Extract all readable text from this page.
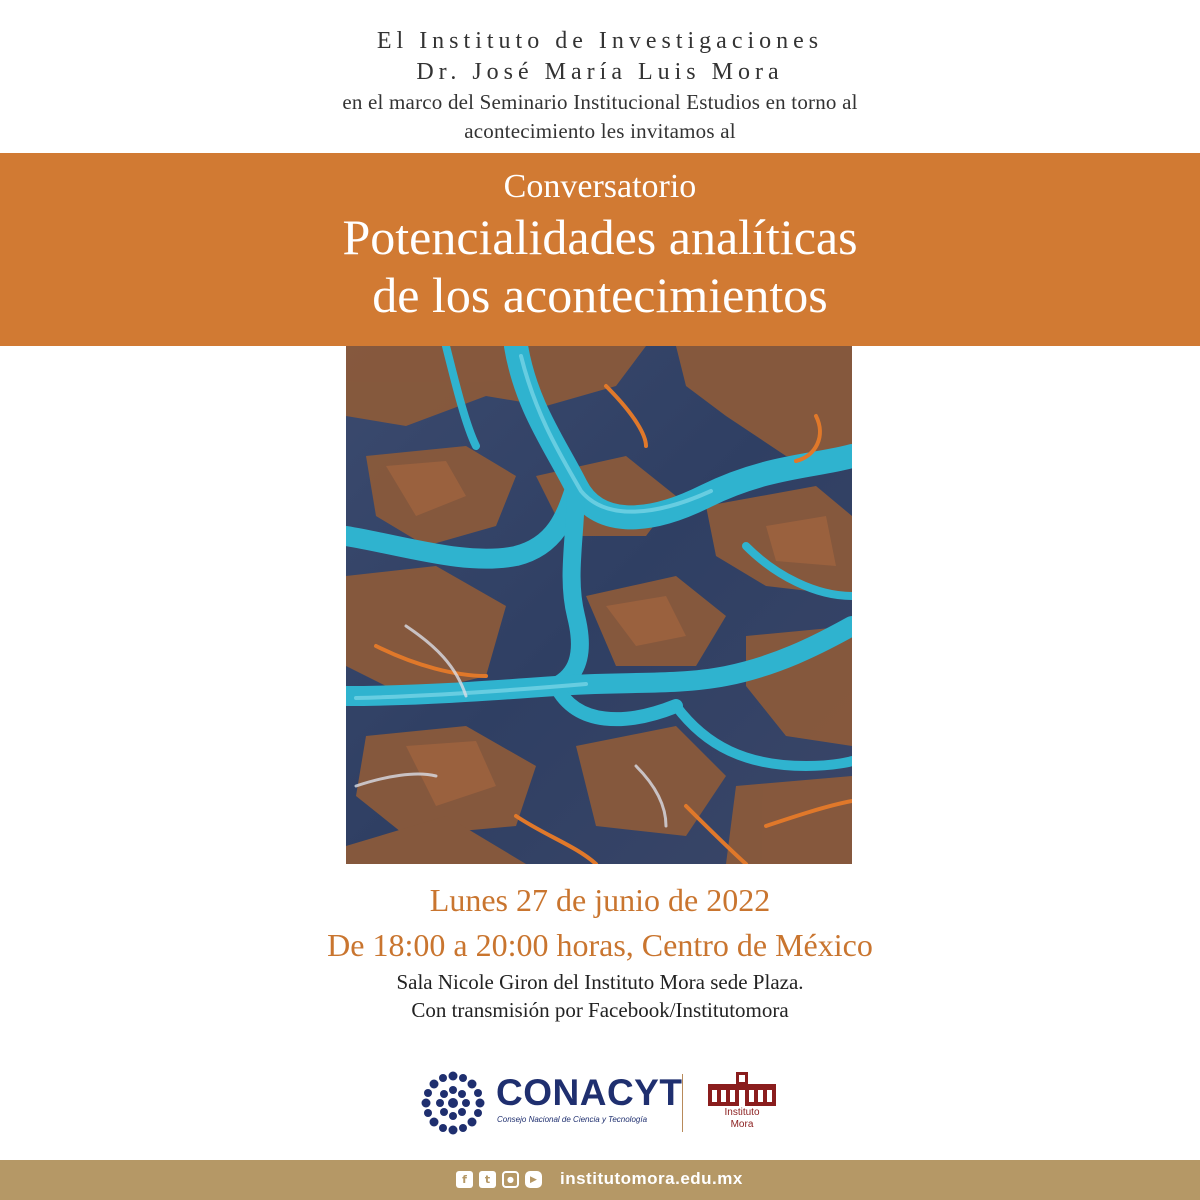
El Instituto de Investigaciones
Dr. José María Luis Mora
en el marco del Seminario Institucional Estudios en torno al
acontecimiento les invitamos al
Conversatorio
Potencialidades analíticas
de los acontecimientos
Lunes 27 de junio de 2022
De 18:00 a 20:00 horas, Centro de México
Sala Nicole Giron del Instituto Mora sede Plaza.
Con transmisión por Facebook/Institutomora
CONACYT
Consejo Nacional de Ciencia y Tecnología
Instituto
Mora
f	t	●	▶ institutomora.edu.mx
